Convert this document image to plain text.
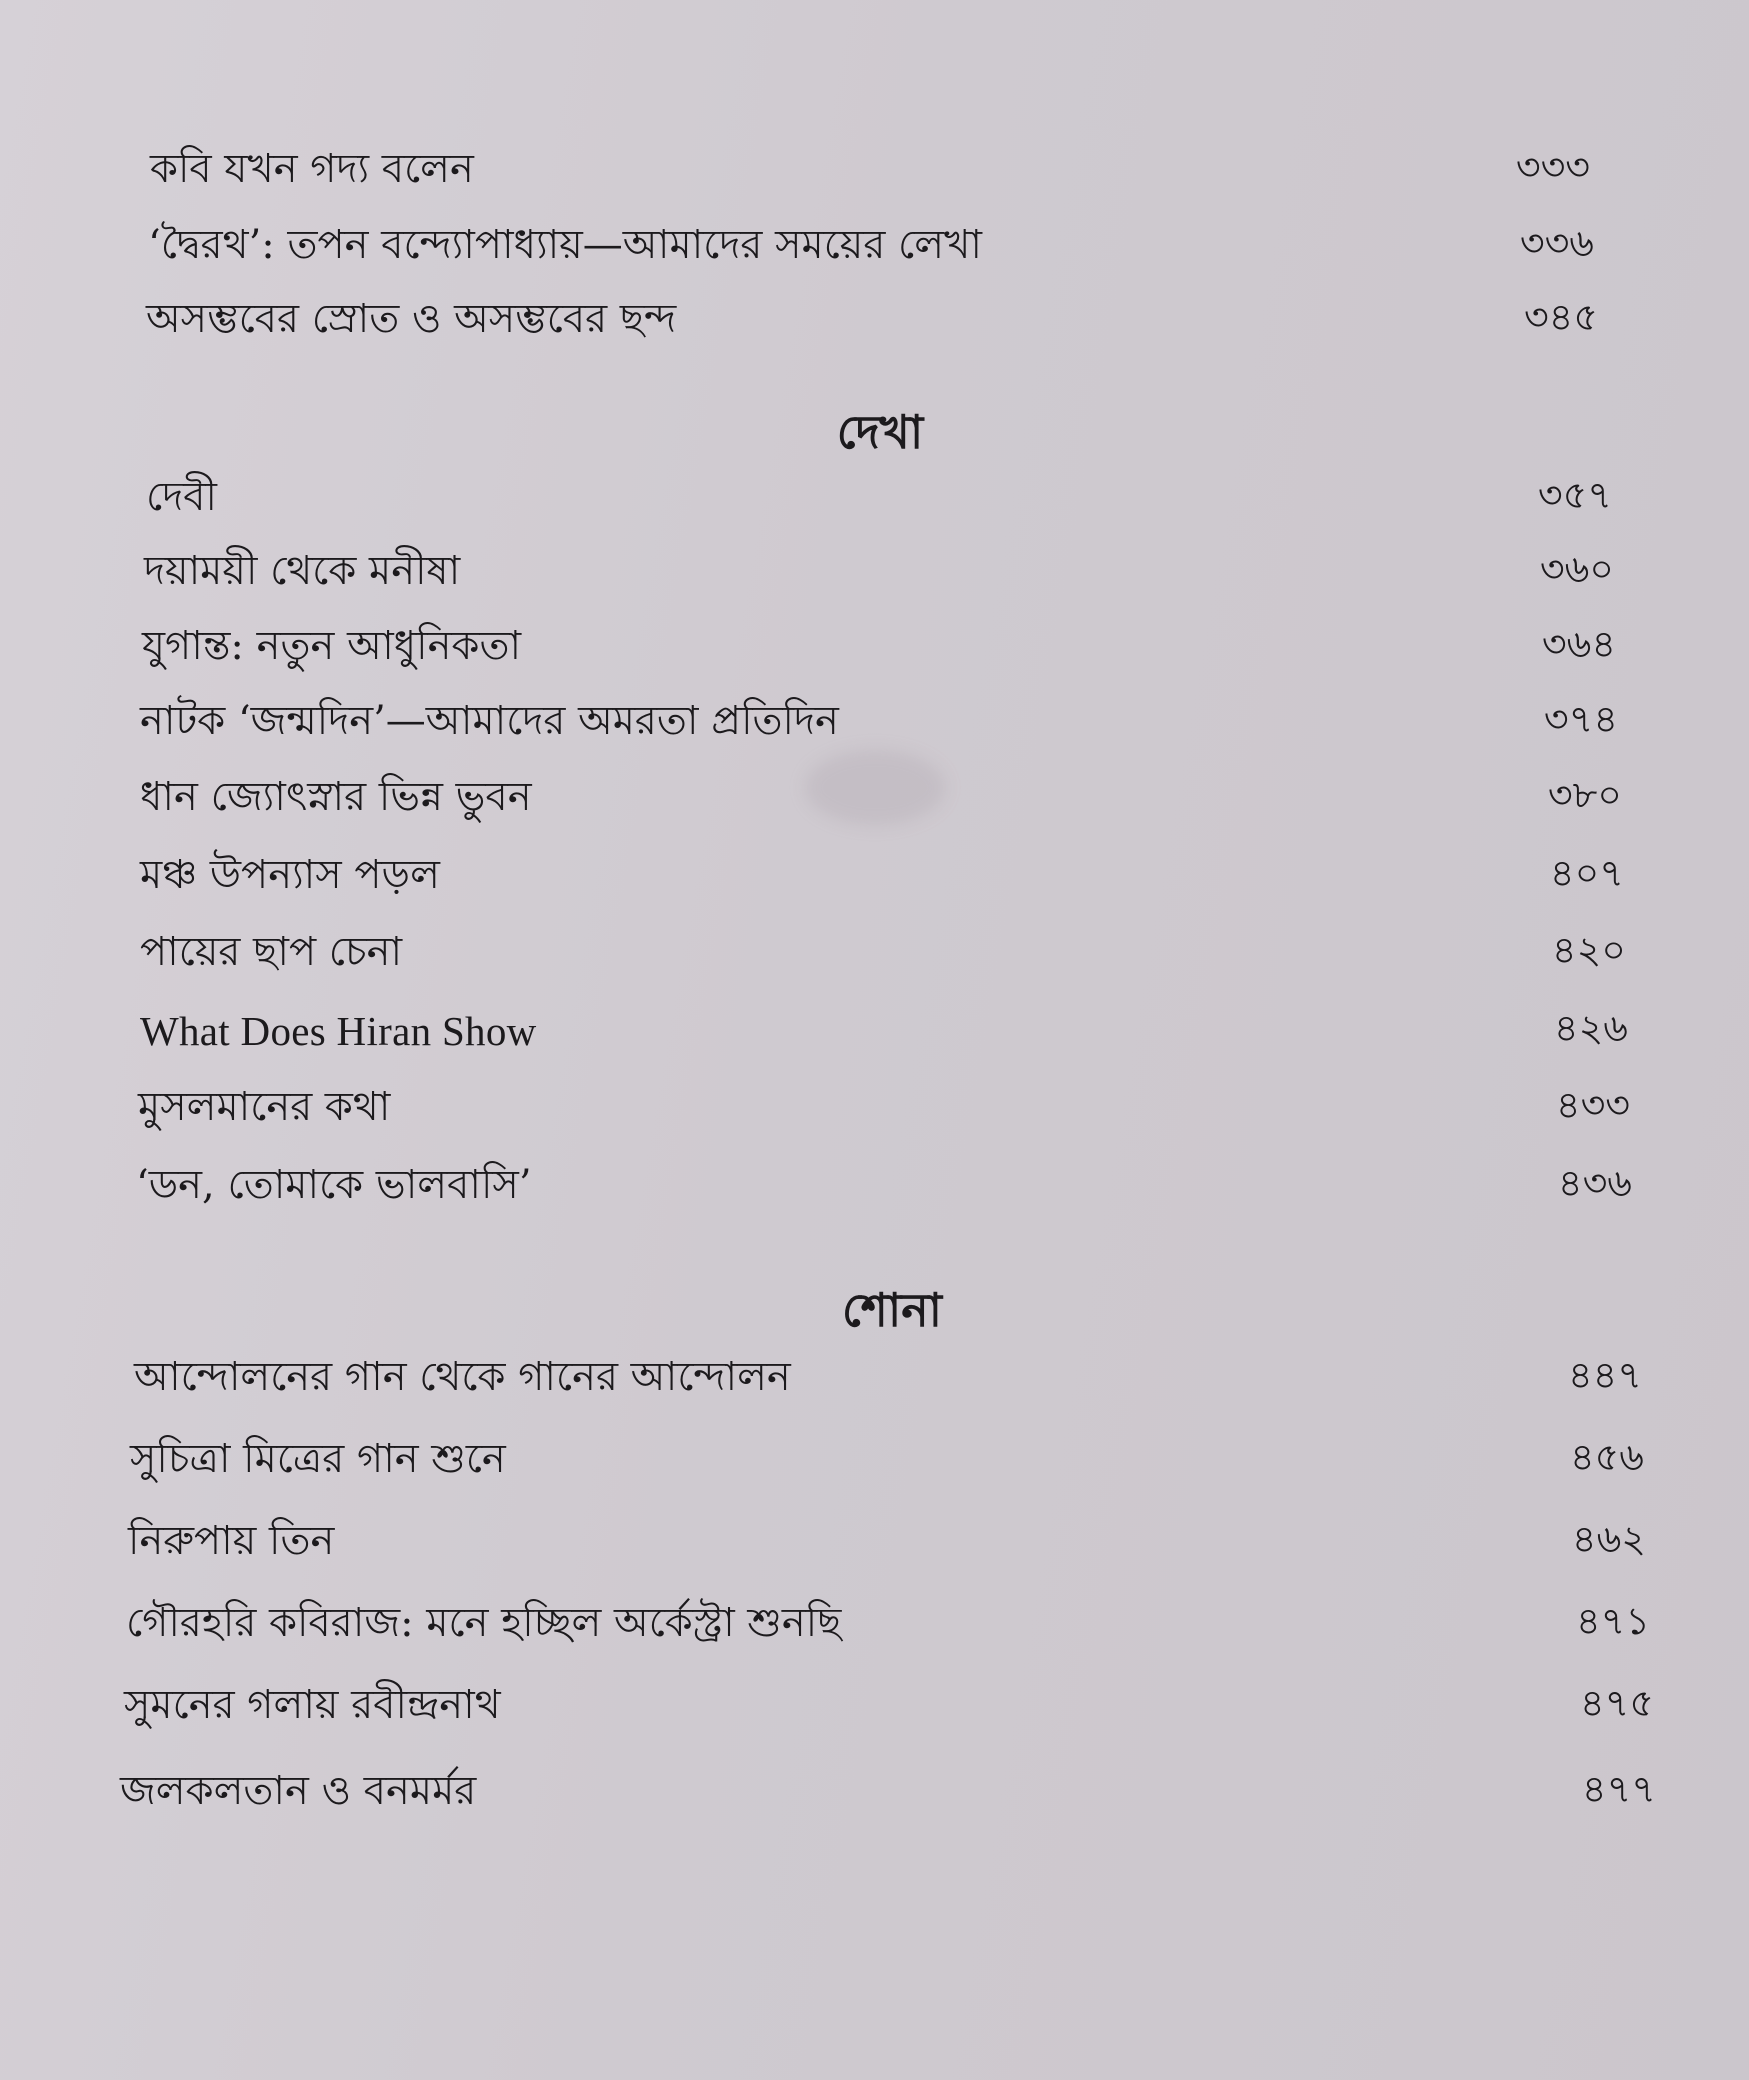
কবি যখন গদ্য বলেন	৩৩৩
‘দ্বৈরথ’: তপন বন্দ্যোপাধ্যায়—আমাদের সময়ের লেখা	৩৩৬
অসম্ভবের স্রোত ও অসম্ভবের ছন্দ	৩৪৫
দেখা
দেবী	৩৫৭
দয়াময়ী থেকে মনীষা	৩৬০
যুগান্ত: নতুন আধুনিকতা	৩৬৪
নাটক ‘জন্মদিন’—আমাদের অমরতা প্রতিদিন	৩৭৪
ধান জ্যোৎস্নার ভিন্ন ভুবন	৩৮০
মঞ্চ উপন্যাস পড়ল	৪০৭
পায়ের ছাপ চেনা	৪২০
What Does Hiran Show	৪২৬
মুসলমানের কথা	৪৩৩
‘ডন, তোমাকে ভালবাসি’	৪৩৬
শোনা
আন্দোলনের গান থেকে গানের আন্দোলন	৪৪৭
সুচিত্রা মিত্রের গান শুনে	৪৫৬
নিরুপায় তিন	৪৬২
গৌরহরি কবিরাজ: মনে হচ্ছিল অর্কেস্ট্রা শুনছি	৪৭১
সুমনের গলায় রবীন্দ্রনাথ	৪৭৫
জলকলতান ও বনমর্মর	৪৭৭
